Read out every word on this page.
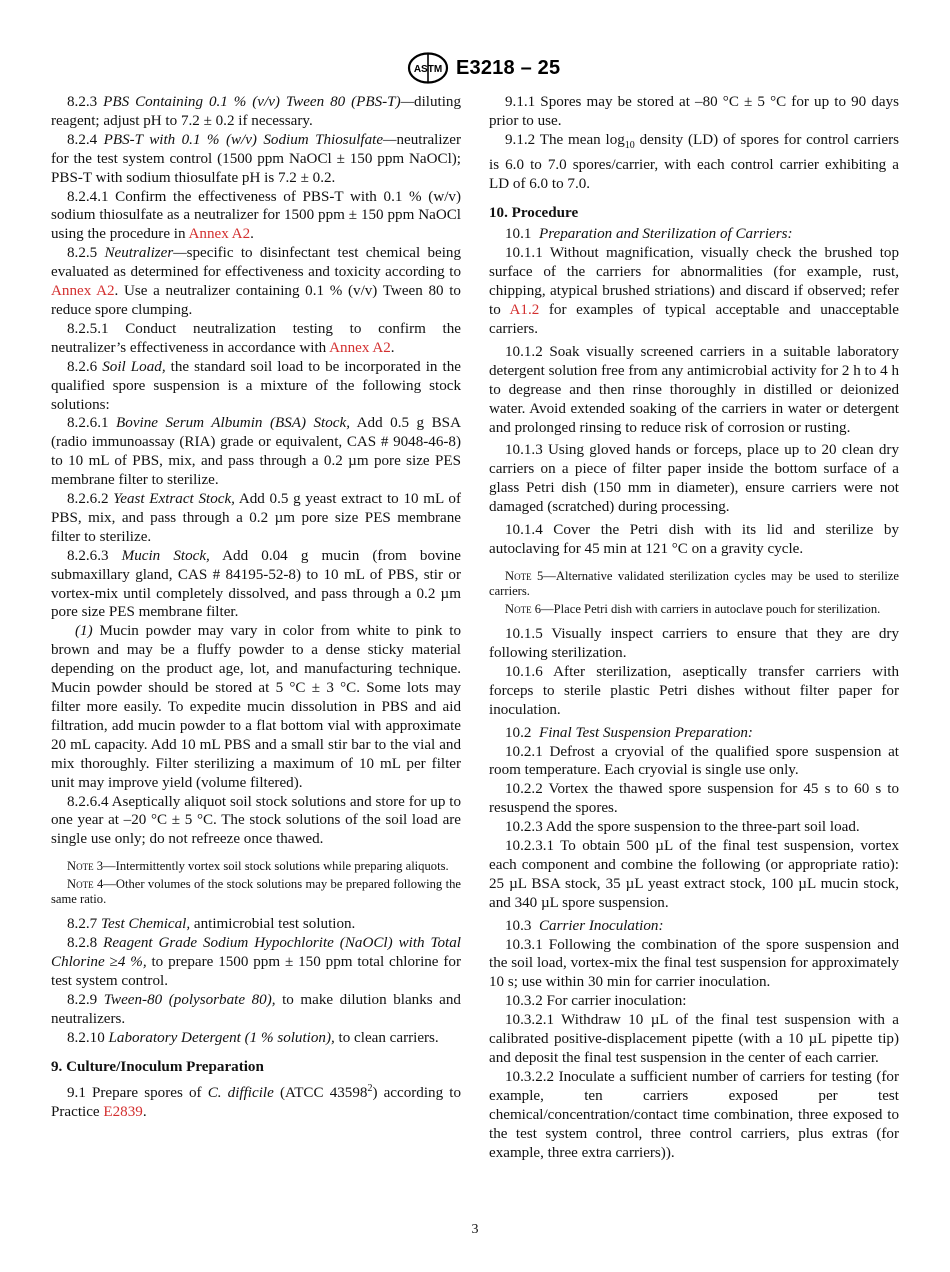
ASTM E3218 – 25

8.2.3 PBS Containing 0.1 % (v/v) Tween 80 (PBS-T)—diluting reagent; adjust pH to 7.2 ± 0.2 if necessary.

8.2.4 PBS-T with 0.1 % (w/v) Sodium Thiosulfate—neutralizer for the test system control (1500 ppm NaOCl ± 150 ppm NaOCl); PBS-T with sodium thiosulfate pH is 7.2 ± 0.2.

8.2.4.1 Confirm the effectiveness of PBS-T with 0.1 % (w/v) sodium thiosulfate as a neutralizer for 1500 ppm ± 150 ppm NaOCl using the procedure in Annex A2.

8.2.5 Neutralizer—specific to disinfectant test chemical being evaluated as determined for effectiveness and toxicity according to Annex A2. Use a neutralizer containing 0.1 % (v/v) Tween 80 to reduce spore clumping.

8.2.5.1 Conduct neutralization testing to confirm the neutralizer’s effectiveness in accordance with Annex A2.

8.2.6 Soil Load, the standard soil load to be incorporated in the qualified spore suspension is a mixture of the following stock solutions:

8.2.6.1 Bovine Serum Albumin (BSA) Stock, Add 0.5 g BSA (radio immunoassay (RIA) grade or equivalent, CAS # 9048-46-8) to 10 mL of PBS, mix, and pass through a 0.2 µm pore size PES membrane filter to sterilize.

8.2.6.2 Yeast Extract Stock, Add 0.5 g yeast extract to 10 mL of PBS, mix, and pass through a 0.2 µm pore size PES membrane filter to sterilize.

8.2.6.3 Mucin Stock, Add 0.04 g mucin (from bovine submaxillary gland, CAS # 84195-52-8) to 10 mL of PBS, stir or vortex-mix until completely dissolved, and pass through a 0.2 µm pore size PES membrane filter.

(1) Mucin powder may vary in color from white to pink to brown and may be a fluffy powder to a dense sticky material depending on the product age, lot, and manufacturing technique. Mucin powder should be stored at 5 °C ± 3 °C. Some lots may filter more easily. To expedite mucin dissolution in PBS and aid filtration, add mucin powder to a flat bottom vial with approximate 20 mL capacity. Add 10 mL PBS and a small stir bar to the vial and mix thoroughly. Filter sterilizing a maximum of 10 mL per filter unit may improve yield (volume filtered).

8.2.6.4 Aseptically aliquot soil stock solutions and store for up to one year at –20 °C ± 5 °C. The stock solutions of the soil load are single use only; do not refreeze once thawed.

Note 3—Intermittently vortex soil stock solutions while preparing aliquots.

Note 4—Other volumes of the stock solutions may be prepared following the same ratio.

8.2.7 Test Chemical, antimicrobial test solution.

8.2.8 Reagent Grade Sodium Hypochlorite (NaOCl) with Total Chlorine ≥4 %, to prepare 1500 ppm ± 150 ppm total chlorine for test system control.

8.2.9 Tween-80 (polysorbate 80), to make dilution blanks and neutralizers.

8.2.10 Laboratory Detergent (1 % solution), to clean carriers.

9. Culture/Inoculum Preparation

9.1 Prepare spores of C. difficile (ATCC 43598$^2$) according to Practice E2839.

9.1.1 Spores may be stored at –80 °C ± 5 °C for up to 90 days prior to use.

9.1.2 The mean $\log_{10}$ density (LD) of spores for control carriers is 6.0 to 7.0 spores/carrier, with each control carrier exhibiting a LD of 6.0 to 7.0.

10. Procedure

10.1 Preparation and Sterilization of Carriers:

10.1.1 Without magnification, visually check the brushed top surface of the carriers for abnormalities (for example, rust, chipping, atypical brushed striations) and discard if observed; refer to A1.2 for examples of typical acceptable and unacceptable carriers.

10.1.2 Soak visually screened carriers in a suitable laboratory detergent solution free from any antimicrobial activity for 2 h to 4 h to degrease and then rinse thoroughly in distilled or deionized water. Avoid extended soaking of the carriers in water or detergent and prolonged rinsing to reduce risk of corrosion or rusting.

10.1.3 Using gloved hands or forceps, place up to 20 clean dry carriers on a piece of filter paper inside the bottom surface of a glass Petri dish (150 mm in diameter), ensure carriers were not damaged (scratched) during processing.

10.1.4 Cover the Petri dish with its lid and sterilize by autoclaving for 45 min at 121 °C on a gravity cycle.

Note 5—Alternative validated sterilization cycles may be used to sterilize carriers.

Note 6—Place Petri dish with carriers in autoclave pouch for sterilization.

10.1.5 Visually inspect carriers to ensure that they are dry following sterilization.

10.1.6 After sterilization, aseptically transfer carriers with forceps to sterile plastic Petri dishes without filter paper for inoculation.

10.2 Final Test Suspension Preparation:

10.2.1 Defrost a cryovial of the qualified spore suspension at room temperature. Each cryovial is single use only.

10.2.2 Vortex the thawed spore suspension for 45 s to 60 s to resuspend the spores.

10.2.3 Add the spore suspension to the three-part soil load.

10.2.3.1 To obtain 500 µL of the final test suspension, vortex each component and combine the following (or appropriate ratio): 25 µL BSA stock, 35 µL yeast extract stock, 100 µL mucin stock, and 340 µL spore suspension.

10.3 Carrier Inoculation:

10.3.1 Following the combination of the spore suspension and the soil load, vortex-mix the final test suspension for approximately 10 s; use within 30 min for carrier inoculation.

10.3.2 For carrier inoculation:

10.3.2.1 Withdraw 10 µL of the final test suspension with a calibrated positive-displacement pipette (with a 10 µL pipette tip) and deposit the final test suspension in the center of each carrier.

10.3.2.2 Inoculate a sufficient number of carriers for testing (for example, ten carriers exposed per test chemical/concentration/contact time combination, three exposed to the test system control, three control carriers, plus extras (for example, three extra carriers)).

3
